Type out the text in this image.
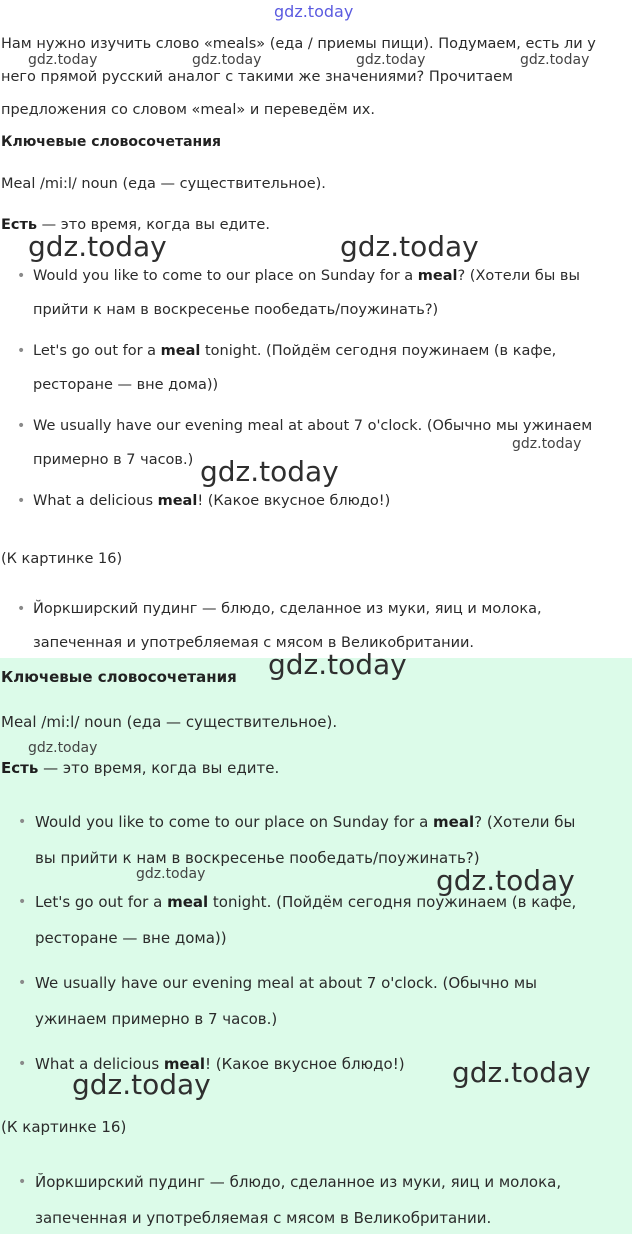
Нам нужно изучить слово «meals» (еда / приемы пищи). Подумаем, есть ли у

него прямой русский аналог с такими же значениями? Прочитаем

предложения со словом «meal» и переведём их.

Ключевые словосочетания

Meal /mi:l/ noun (еда — существительное).

Есть — это время, когда вы едите.

• Would you like to come to our place on Sunday for a meal? (Хотели бы вы
прийти к нам в воскресенье пообедать/поужинать?)
• Let's go out for a meal tonight. (Пойдём сегодня поужинаем (в кафе,
ресторане — вне дома))
• We usually have our evening meal at about 7 o'clock. (Обычно мы ужинаем
примерно в 7 часов.)
• What a delicious meal! (Какое вкусное блюдо!)

(К картинке 16)

• Йоркширский пудинг — блюдо, сделанное из муки, яиц и молока,
запеченная и употребляемая с мясом в Великобритании.

Ключевые словосочетания

Meal /mi:l/ noun (еда — существительное).

Есть — это время, когда вы едите.

• Would you like to come to our place on Sunday for a meal? (Хотели бы
вы прийти к нам в воскресенье пообедать/поужинать?)
• Let's go out for a meal tonight. (Пойдём сегодня поужинаем (в кафе,
ресторане — вне дома))
• We usually have our evening meal at about 7 o'clock. (Обычно мы
ужинаем примерно в 7 часов.)
• What a delicious meal! (Какое вкусное блюдо!)

(К картинке 16)

• Йоркширский пудинг — блюдо, сделанное из муки, яиц и молока,
запеченная и употребляемая с мясом в Великобритании.
gdz.today
gdz.today	gdz.today	gdz.today	gdz.today
gdz.today	gdz.today
gdz.today
gdz.today
gdz.today
gdz.today
gdz.today	gdz.today
gdz.today
gdz.today
